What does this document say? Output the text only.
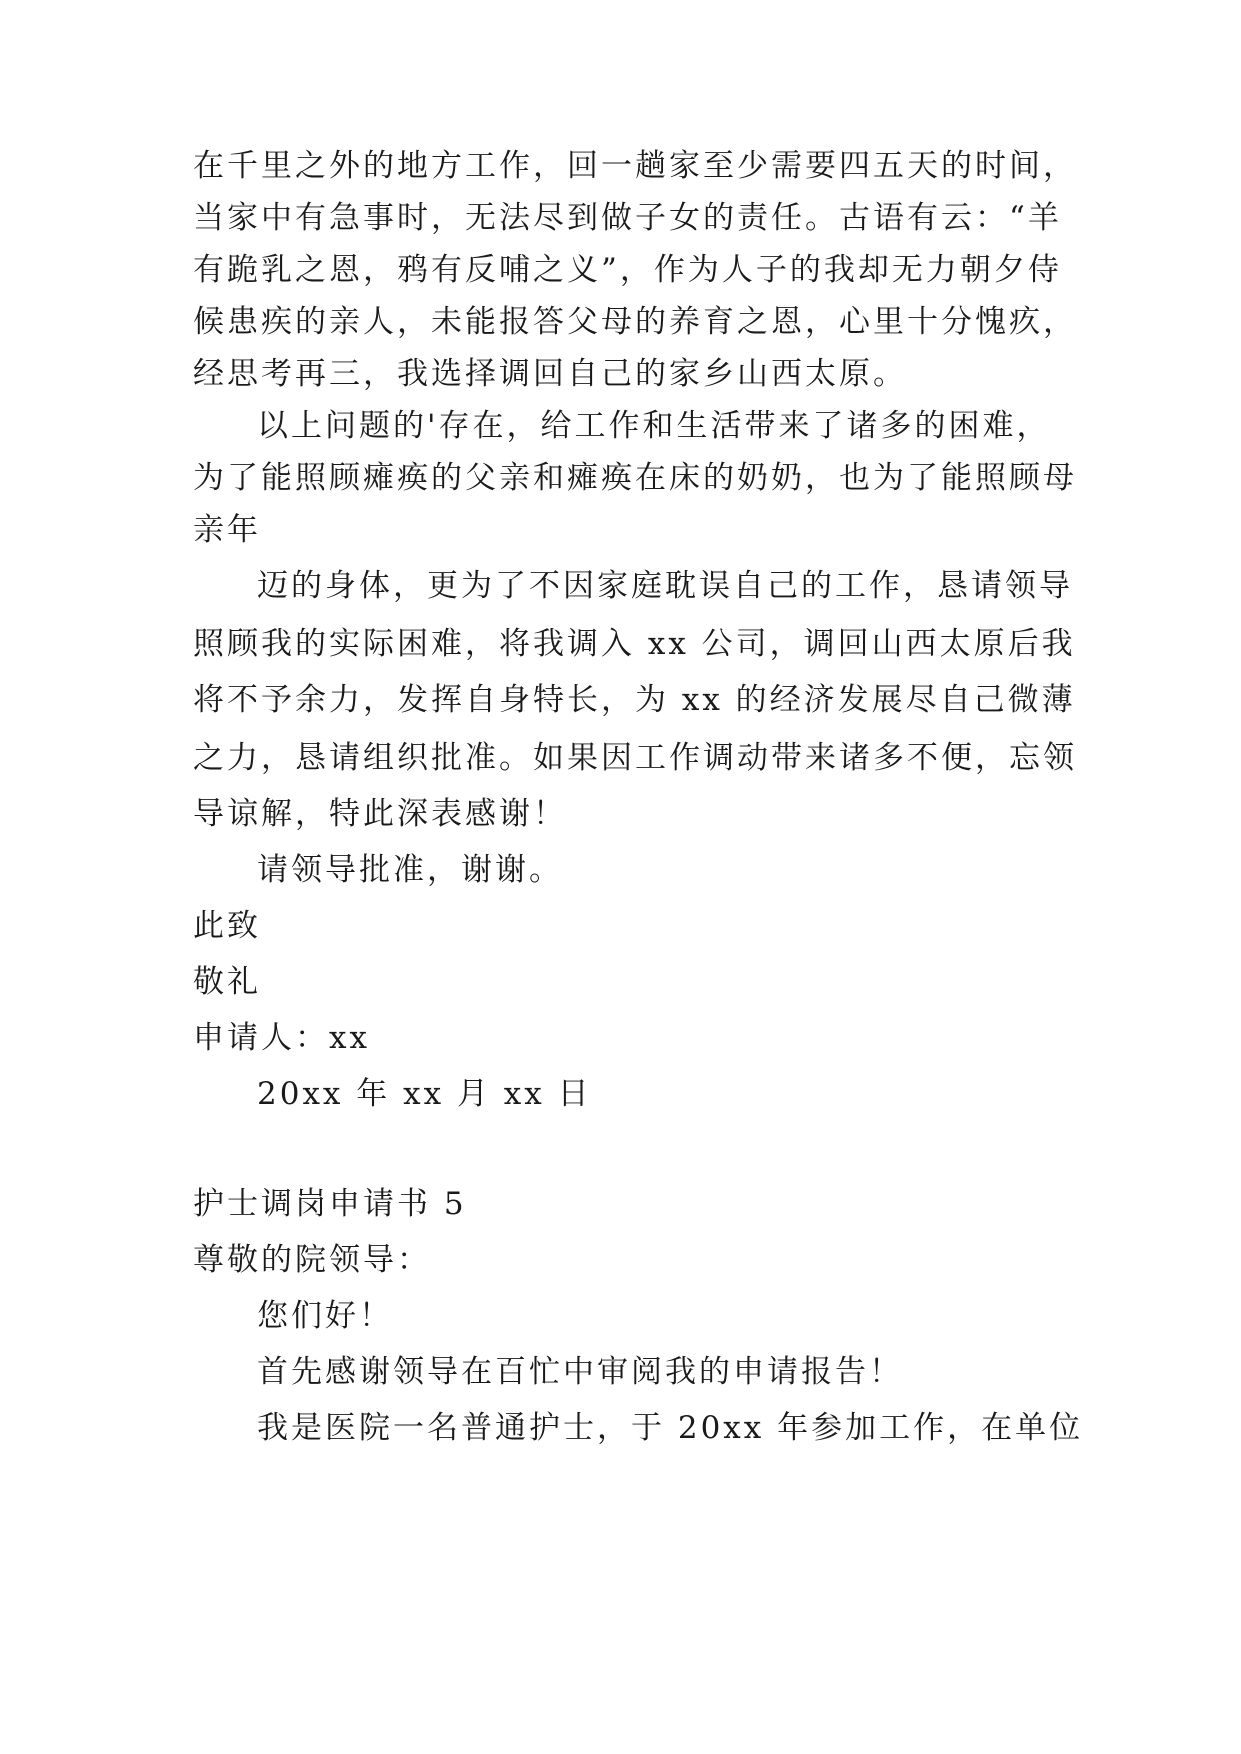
在千里之外的地方工作，回一趟家至少需要四五天的时间，
当家中有急事时，无法尽到做子女的责任。古语有云：“羊
有跪乳之恩，鸦有反哺之义”，作为人子的我却无力朝夕侍
候患疾的亲人，未能报答父母的养育之恩，心里十分愧疚，
经思考再三，我选择调回自己的家乡山西太原。
以上问题的'存在，给工作和生活带来了诸多的困难，
为了能照顾瘫痪的父亲和瘫痪在床的奶奶，也为了能照顾母
亲年
迈的身体，更为了不因家庭耽误自己的工作，恳请领导
照顾我的实际困难，将我调入 xx 公司，调回山西太原后我
将不予余力，发挥自身特长，为 xx 的经济发展尽自己微薄
之力，恳请组织批准。如果因工作调动带来诸多不便，忘领
导谅解，特此深表感谢！
请领导批准，谢谢。
此致
敬礼
申请人：xx
20xx 年 xx 月 xx 日
护士调岗申请书 5
尊敬的院领导：
您们好！
首先感谢领导在百忙中审阅我的申请报告！
我是医院一名普通护士，于 20xx 年参加工作，在单位
